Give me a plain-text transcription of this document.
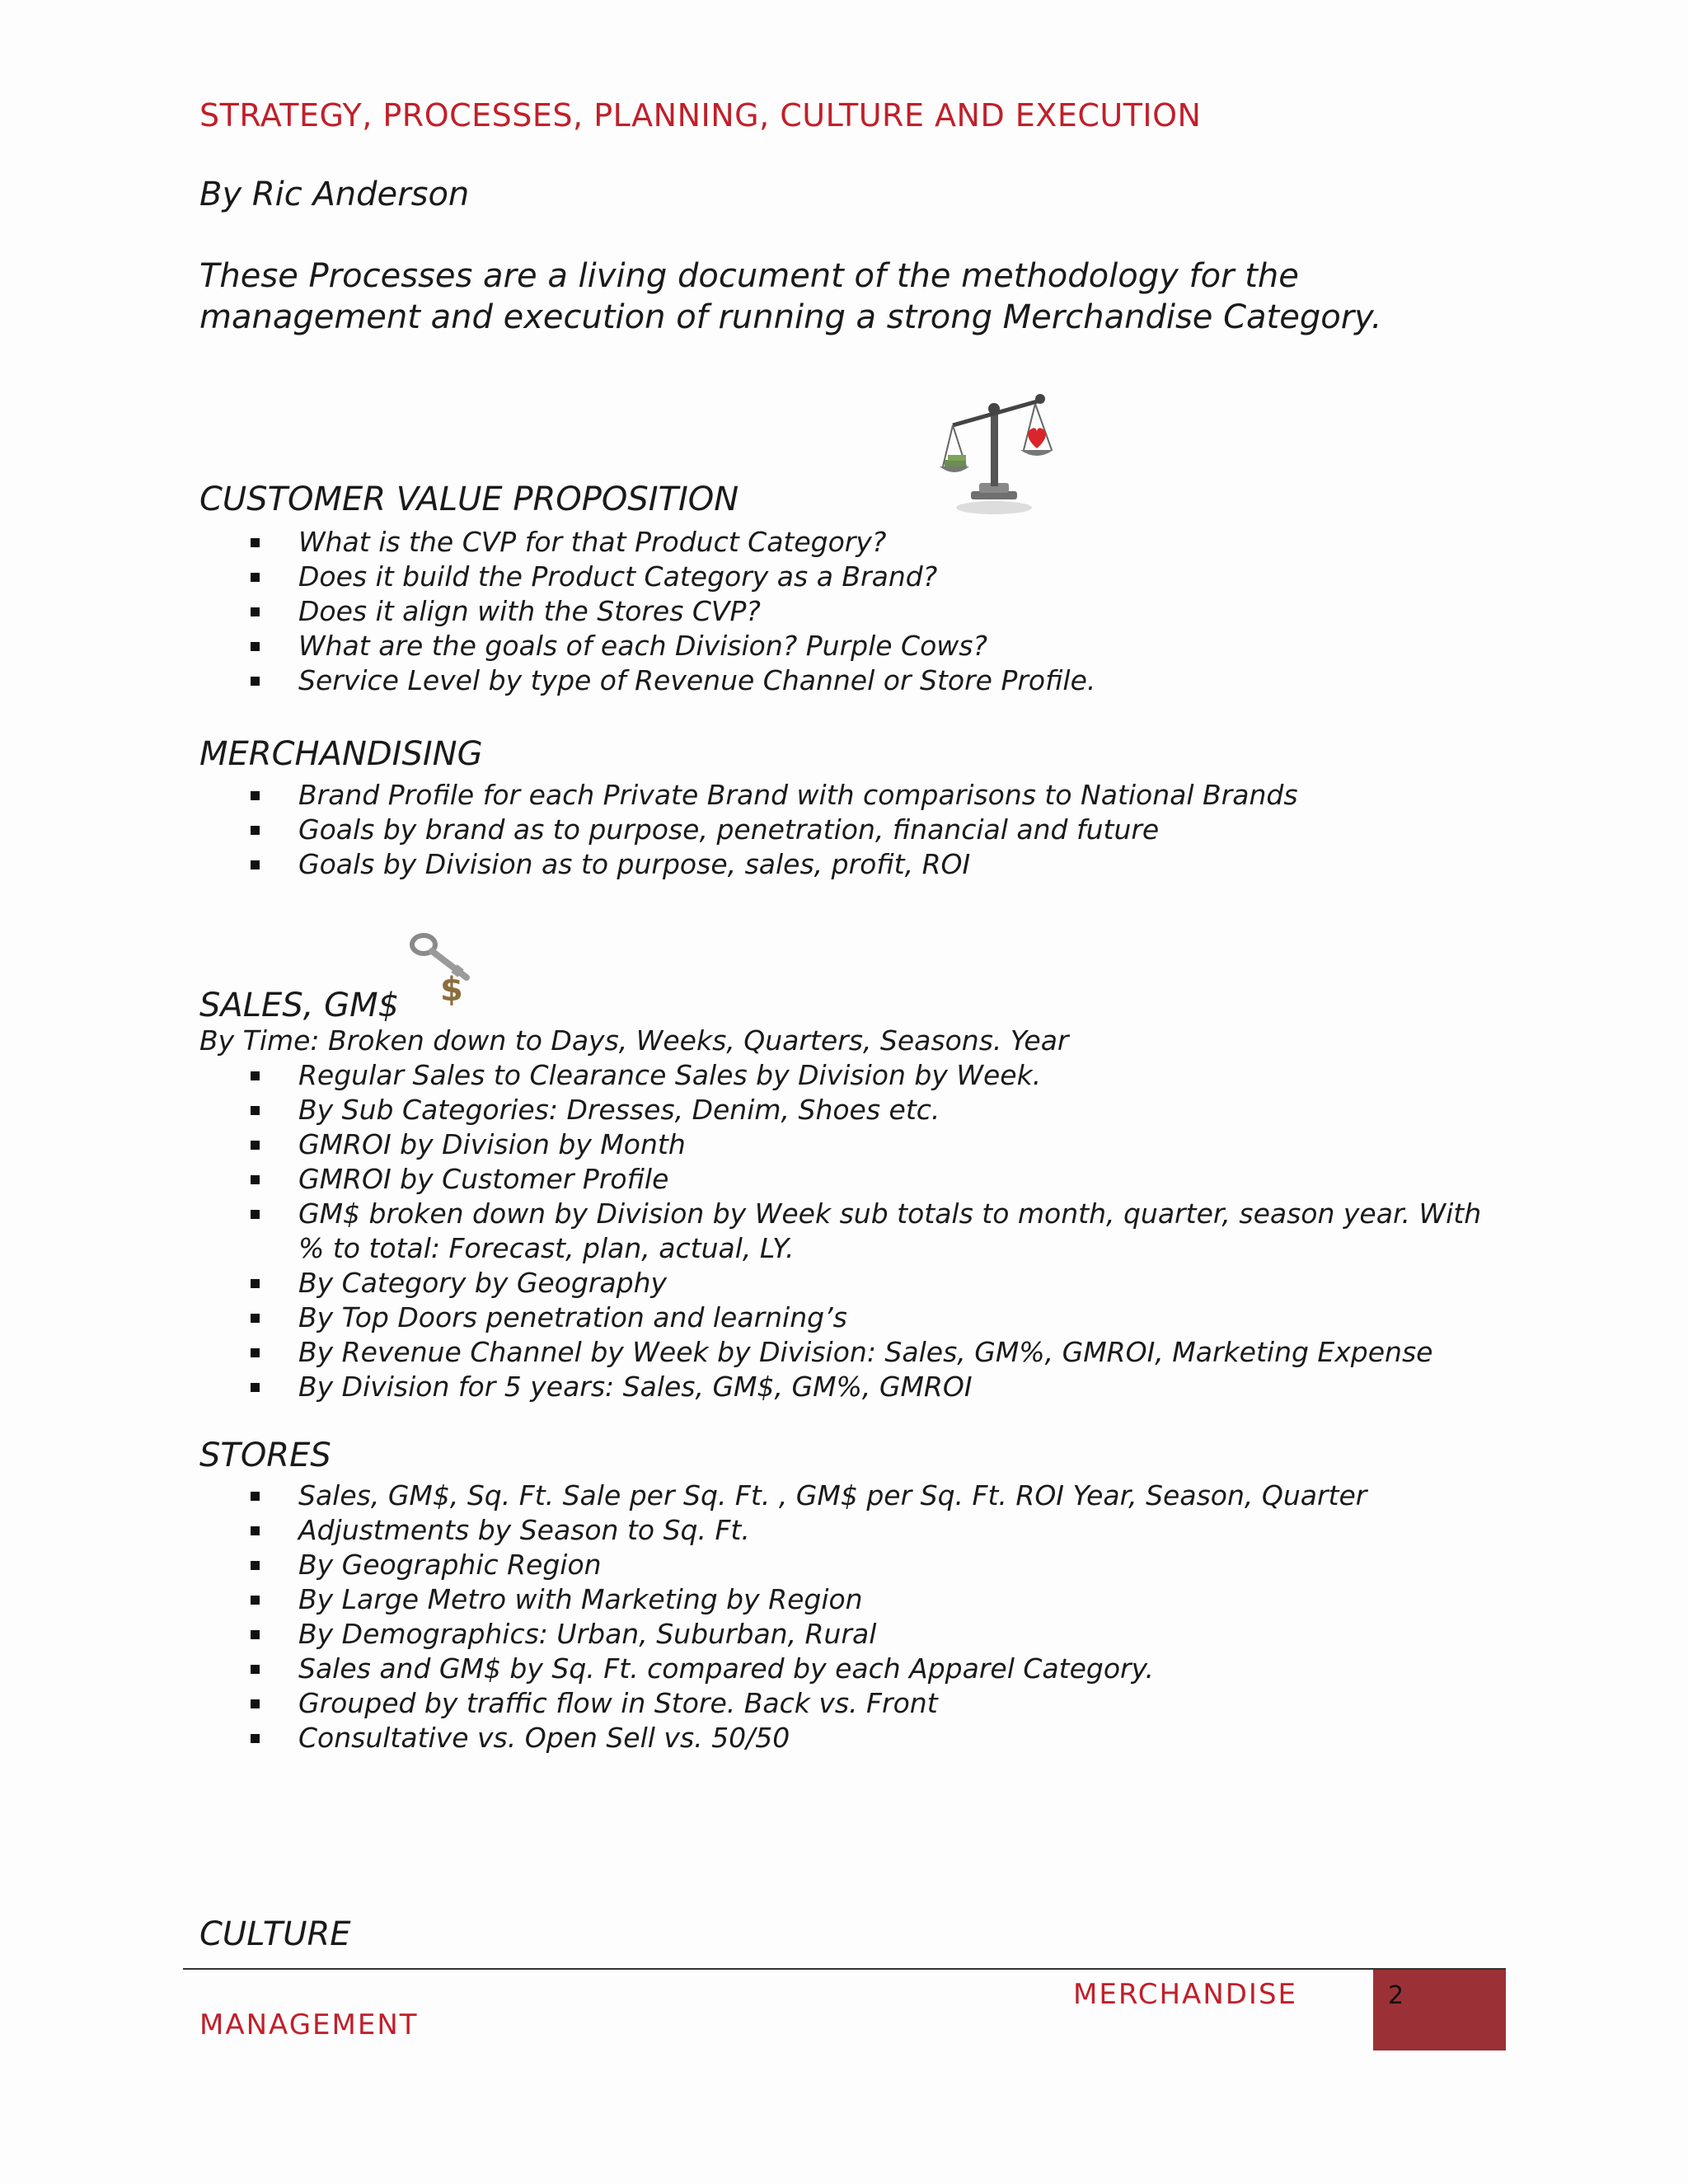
STRATEGY, PROCESSES, PLANNING, CULTURE AND EXECUTION
By Ric Anderson
These Processes are a living document of the methodology for the management and execution of running a strong Merchandise Category.
CUSTOMER VALUE PROPOSITION
What is the CVP for that Product Category?
Does it build the Product Category as a Brand?
Does it align with the Stores CVP?
What are the goals of each Division? Purple Cows?
Service Level by type of Revenue Channel or Store Profile.
MERCHANDISING
Brand Profile for each Private Brand with comparisons to National Brands
Goals by brand as to purpose, penetration, financial and future
Goals by Division as to purpose, sales, profit, ROI
$
SALES, GM$
By Time: Broken down to Days, Weeks, Quarters, Seasons. Year
Regular Sales to Clearance Sales by Division by Week.
By Sub Categories: Dresses, Denim, Shoes etc.
GMROI by Division by Month
GMROI by Customer Profile
GM$ broken down by Division by Week sub totals to month, quarter, season year. With % to total: Forecast, plan, actual, LY.
By Category by Geography
By Top Doors penetration and learning’s
By Revenue Channel by Week by Division: Sales, GM%, GMROI, Marketing Expense
By Division for 5 years: Sales, GM$, GM%, GMROI
STORES
Sales, GM$, Sq. Ft. Sale per Sq. Ft. , GM$ per Sq. Ft. ROI Year, Season, Quarter
Adjustments by Season to Sq. Ft.
By Geographic Region
By Large Metro with Marketing by Region
By Demographics: Urban, Suburban, Rural
Sales and GM$ by Sq. Ft. compared by each Apparel Category.
Grouped by traffic flow in Store. Back vs. Front
Consultative vs. Open Sell vs. 50/50
CULTURE
MERCHANDISE
MANAGEMENT
2
